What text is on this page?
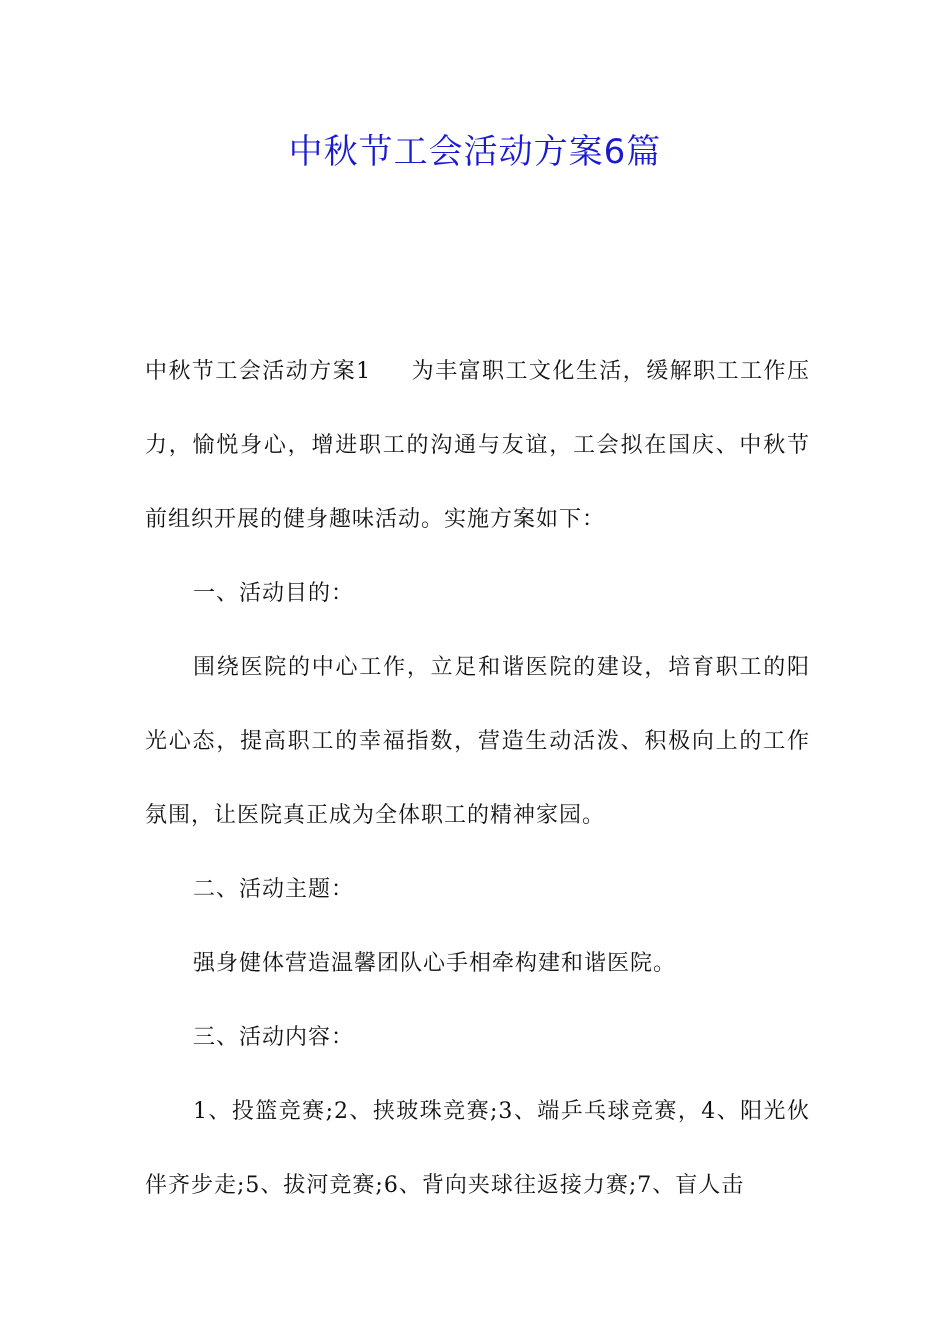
中秋节工会活动方案6篇

中秋节工会活动方案1 为丰富职工文化生活，缓解职工工作压力，愉悦身心，增进职工的沟通与友谊，工会拟在国庆、中秋节前组织开展的健身趣味活动。实施方案如下：

一、活动目的：

围绕医院的中心工作，立足和谐医院的建设，培育职工的阳光心态，提高职工的幸福指数，营造生动活泼、积极向上的工作氛围，让医院真正成为全体职工的精神家园。

二、活动主题：

强身健体营造温馨团队心手相牵构建和谐医院。

三、活动内容：

1、投篮竞赛;2、挟玻珠竞赛;3、端乒乓球竞赛，4、阳光伙伴齐步走;5、拔河竞赛;6、背向夹球往返接力赛;7、盲人击
